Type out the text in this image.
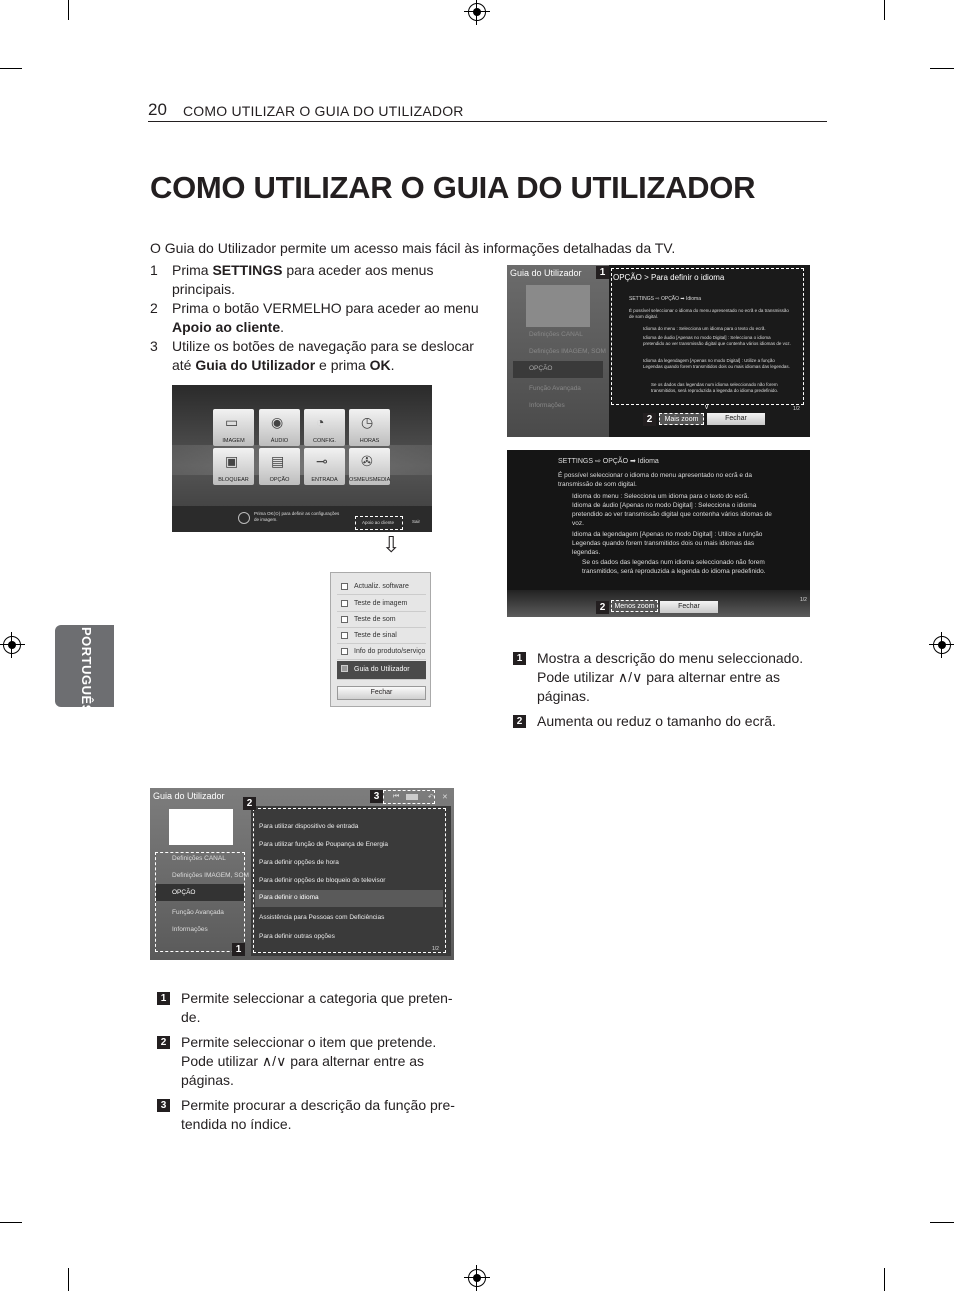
20 COMO UTILIZAR O GUIA DO UTILIZADOR
COMO UTILIZAR O GUIA DO UTILIZADOR

O Guia do Utilizador permite um acesso mais fácil às informações detalhadas da TV.

1 Prima SETTINGS para aceder aos menus principais.
2 Prima o botão VERMELHO para aceder ao menu Apoio ao cliente.
3 Utilize os botões de navegação para se deslocar até Guia do Utilizador e prima OK.
PORTUGUÊS
▭
IMAGEM
◉
ÁUDIO
◔
CONFIG.
◷
HORAS
▣
BLOQUEAR
▤
OPÇÃO
⊸
ENTRADA
✇
OSMEUSMEDIA
Prima OK(⊙) para definir as configurações de imagem.
Apoio ao cliente	Sair
⇩
Actualiz. software
Teste de imagem
Teste de som
Teste de sinal
Info do produto/serviço
Guia do Utilizador
Fechar
Guia do Utilizador
Definições CANAL
Definições IMAGEM, SOM
OPÇÃO
Função Avançada
Informações
OPÇÃO > Para definir o idioma
SETTINGS ⇨ OPÇÃO ➡ Idioma
É possível seleccionar o idioma do menu apresentado no ecrã e da transmissão de som digital.
Idioma do menu : Selecciona um idioma para o texto do ecrã.
Idioma de áudio [Apenas no modo Digital] : Selecciona o idioma pretendido ao ver transmissão digital que contenha vários idiomas de voz.
Idioma da legendagem [Apenas no modo Digital] : Utilize a função Legendas quando forem transmitidos dois ou mais idiomas das legendas.
Se os dados das legendas num idioma seleccionado não forem transmitidos, será reproduzida a legenda do idioma predefinido.
1/2
∨
Mais zoom	Fechar
1
2
SETTINGS ⇨ OPÇÃO ➡ Idioma
É possível seleccionar o idioma do menu apresentado no ecrã e da transmissão de som digital.
Idioma do menu : Selecciona um idioma para o texto do ecrã.
Idioma de áudio [Apenas no modo Digital] : Selecciona o idioma pretendido ao ver transmissão digital que contenha vários idiomas de voz.
Idioma da legendagem [Apenas no modo Digital] : Utilize a função Legendas quando forem transmitidos dois ou mais idiomas das legendas.
Se os dados das legendas num idioma seleccionado não forem transmitidos, será reproduzida a legenda do idioma predefinido.
1/2
Menos zoom	Fechar
2
1	Mostra a descrição do menu seleccionado. Pode utilizar ∧/∨ para alternar entre as páginas.
2	Aumenta ou reduz o tamanho do ecrã.
Guia do Utilizador
Definições CANAL
Definições IMAGEM, SOM
OPÇÃO
Função Avançada
Informações
Para utilizar dispositivo de entrada
Para utilizar função de Poupança de Energia
Para definir opções de hora
Para definir opções de bloqueio do televisor
Para definir o idioma
Assistência para Pessoas com Deficiências
Para definir outras opções
1/2
⏮	↶ ✕
1
2
3
1	Permite seleccionar a categoria que preten-de.
2	Permite seleccionar o item que pretende. Pode utilizar ∧/∨ para alternar entre as páginas.
3	Permite procurar a descrição da função pre-tendida no índice.
